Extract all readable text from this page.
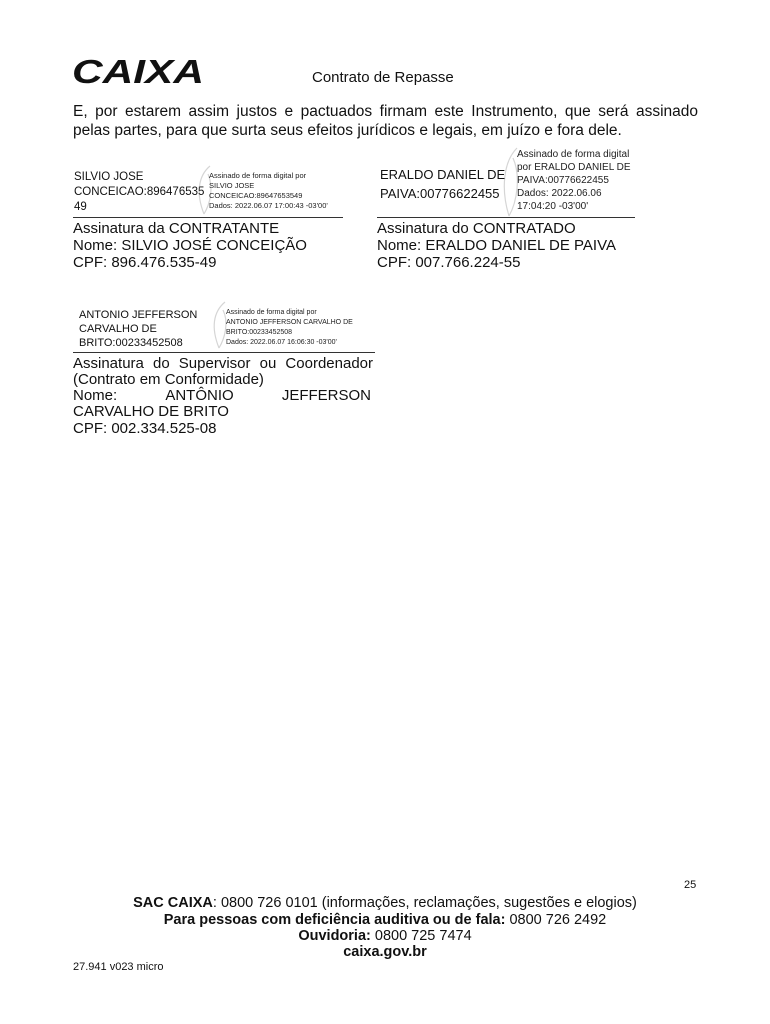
CAIXA	Contrato de Repasse
E, por estarem assim justos e pactuados firmam este Instrumento, que será assinado pelas partes, para que surta seus efeitos jurídicos e legais, em juízo e fora dele.
SILVIO JOSE
CONCEICAO:896476535
49
Assinado de forma digital por
SILVIO JOSE
CONCEICAO:89647653549
Dados: 2022.06.07 17:00:43 -03'00'
Assinatura da CONTRATANTE
Nome: SILVIO JOSÉ CONCEIÇÃO
CPF: 896.476.535-49
ERALDO DANIEL DE
PAIVA:00776622455
Assinado de forma digital
por ERALDO DANIEL DE
PAIVA:00776622455
Dados: 2022.06.06
17:04:20 -03'00'
Assinatura do CONTRATADO
Nome: ERALDO DANIEL DE PAIVA
CPF: 007.766.224-55
ANTONIO JEFFERSON
CARVALHO DE
BRITO:00233452508
Assinado de forma digital por
ANTONIO JEFFERSON CARVALHO DE
BRITO:00233452508
Dados: 2022.06.07 16:06:30 -03'00'
Assinatura do Supervisor ou Coordenador
(Contrato em Conformidade)
Nome:	ANTÔNIO	JEFFERSON
CARVALHO DE BRITO
CPF: 002.334.525-08
25
SAC CAIXA: 0800 726 0101 (informações, reclamações, sugestões e elogios)
Para pessoas com deficiência auditiva ou de fala: 0800 726 2492
Ouvidoria: 0800 725 7474
caixa.gov.br
27.941 v023 micro
